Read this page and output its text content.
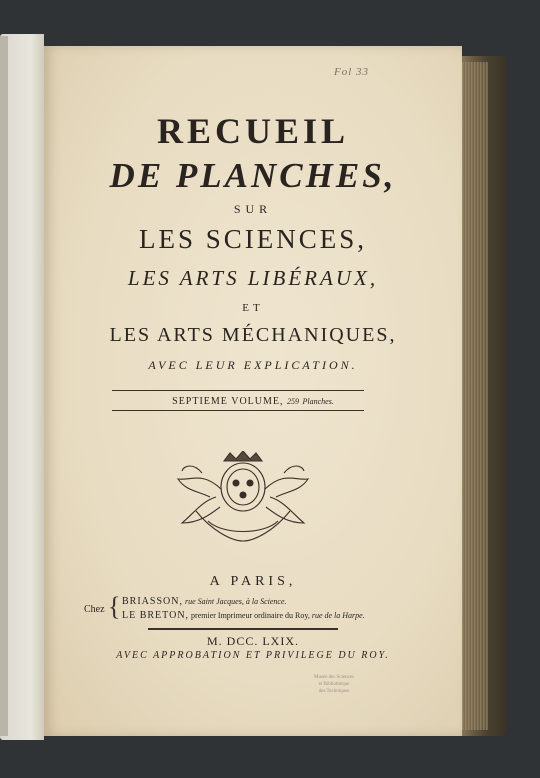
Fol 33
RECUEIL
DE PLANCHES,
SUR
LES SCIENCES,
LES ARTS LIBÉRAUX,
ET
LES ARTS MÉCHANIQUES,
AVEC LEUR EXPLICATION.
SEPTIEME VOLUME, 259 Planches.
A PARIS,
Chez { BRIASSON, rue Saint Jacques, à la Science.
LE BRETON, premier Imprimeur ordinaire du Roy, rue de la Harpe.
M. DCC. LXIX.
AVEC APPROBATION ET PRIVILEGE DU ROY.
Musée des Sciences
et Bibliothèque
des Techniques
